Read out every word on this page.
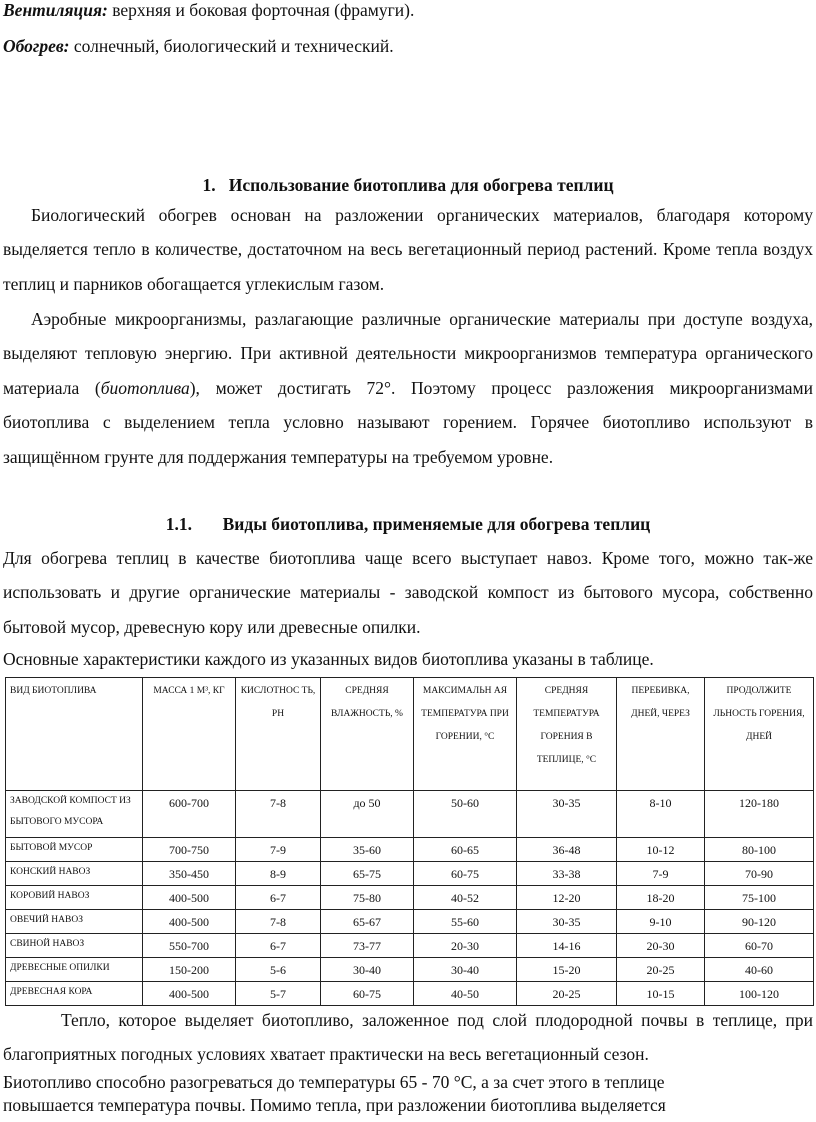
Вентиляция: верхняя и боковая форточная (фрамуги).
Обогрев: солнечный, биологический и технический.
1. Использование биотоплива для обогрева теплиц
Биологический обогрев основан на разложении органических материалов, благодаря которому выделяется тепло в количестве, достаточном на весь вегетационный период растений. Кроме тепла воздух теплиц и парников обогащается углекислым газом.
Аэробные микроорганизмы, разлагающие различные органические материалы при доступе воздуха, выделяют тепловую энергию. При активной деятельности микроорганизмов температура органического материала (биотоплива), может достигать 72°. Поэтому процесс разложения микроорганизмами биотоплива с выделением тепла условно называют горением. Горячее биотопливо используют в защищённом грунте для поддержания температуры на требуемом уровне.
1.1. Виды биотоплива, применяемые для обогрева теплиц
Для обогрева теплиц в качестве биотоплива чаще всего выступает навоз. Кроме того, можно так-же использовать и другие органические материалы - заводской компост из бытового мусора, собственно бытовой мусор, древесную кору или древесные опилки.
Основные характеристики каждого из указанных видов биотоплива указаны в таблице.
ВИД БИОТОПЛИВА	МАССА 1 М³, КГ	КИСЛОТНОС ТЬ, PH	СРЕДНЯЯ ВЛАЖНОСТЬ, %	МАКСИМАЛЬН АЯ ТЕМПЕРАТУРА ПРИ ГОРЕНИИ, °С	СРЕДНЯЯ ТЕМПЕРАТУРА ГОРЕНИЯ В ТЕПЛИЦЕ, °С	ПЕРЕБИВКА, ДНЕЙ, ЧЕРЕЗ	ПРОДОЛЖИТЕ ЛЬНОСТЬ ГОРЕНИЯ, ДНЕЙ
ЗАВОДСКОЙ КОМПОСТ ИЗ БЫТОВОГО МУСОРА	600-700	7-8	до 50	50-60	30-35	8-10	120-180
БЫТОВОЙ МУСОР	700-750	7-9	35-60	60-65	36-48	10-12	80-100
КОНСКИЙ НАВОЗ	350-450	8-9	65-75	60-75	33-38	7-9	70-90
КОРОВИЙ НАВОЗ	400-500	6-7	75-80	40-52	12-20	18-20	75-100
ОВЕЧИЙ НАВОЗ	400-500	7-8	65-67	55-60	30-35	9-10	90-120
СВИНОЙ НАВОЗ	550-700	6-7	73-77	20-30	14-16	20-30	60-70
ДРЕВЕСНЫЕ ОПИЛКИ	150-200	5-6	30-40	30-40	15-20	20-25	40-60
ДРЕВЕСНАЯ КОРА	400-500	5-7	60-75	40-50	20-25	10-15	100-120
Тепло, которое выделяет биотопливо, заложенное под слой плодородной почвы в теплице, при благоприятных погодных условиях хватает практически на весь вегетационный сезон.
Биотопливо способно разогреваться до температуры 65 - 70 °С, а за счет этого в теплице
повышается температура почвы. Помимо тепла, при разложении биотоплива выделяется
